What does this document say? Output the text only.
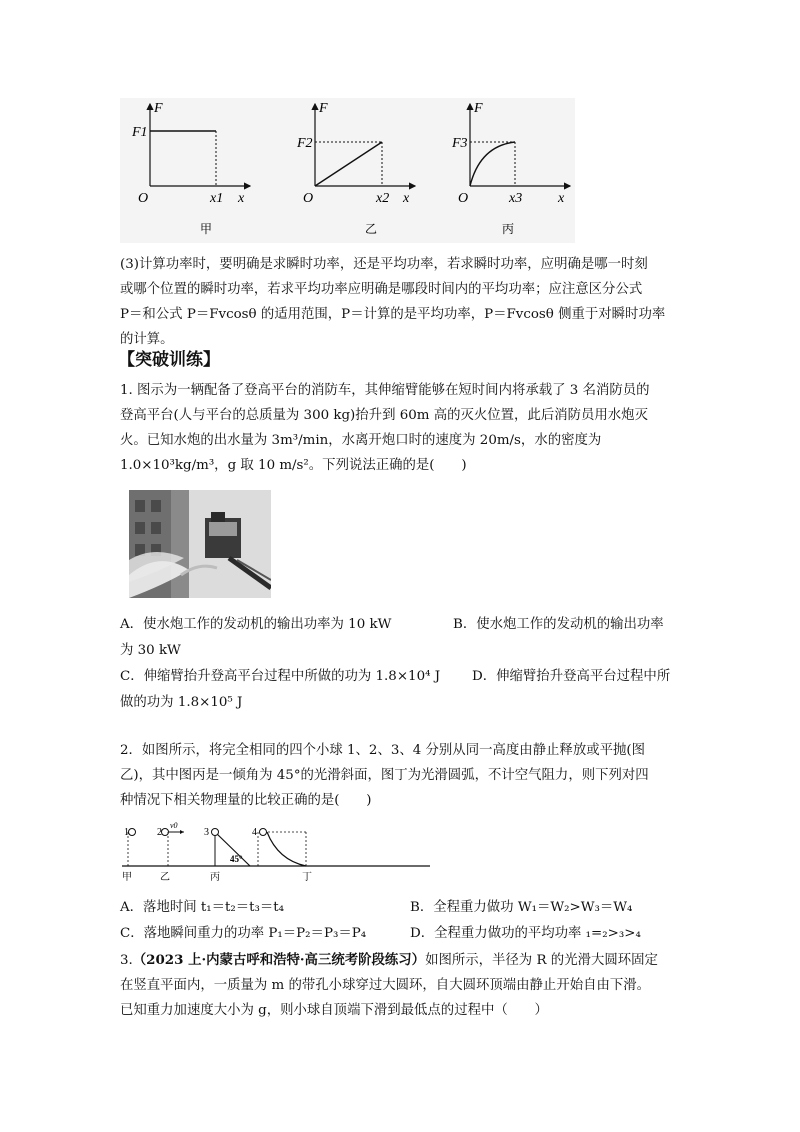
F
x
O
F1
x1
甲
F
x
O
F2
x2
乙
F
x
O
F3
x3
丙
(3)计算功率时，要明确是求瞬时功率，还是平均功率，若求瞬时功率，应明确是哪一时刻
或哪个位置的瞬时功率，若求平均功率应明确是哪段时间内的平均功率；应注意区分公式
P＝和公式 P＝Fvcosθ 的适用范围，P＝计算的是平均功率，P＝Fvcosθ 侧重于对瞬时功率
的计算。
【突破训练】
1. 图示为一辆配备了登高平台的消防车，其伸缩臂能够在短时间内将承载了 3 名消防员的
登高平台(人与平台的总质量为 300 kg)抬升到 60m 高的灭火位置，此后消防员用水炮灭
火。已知水炮的出水量为 3m³/min，水离开炮口时的速度为 20m/s，水的密度为
1.0×10³kg/m³，g 取 10 m/s²。下列说法正确的是(　　)
A．使水炮工作的发动机的输出功率为 10 kW	B．使水炮工作的发动机的输出功率
为 30 kW
C．伸缩臂抬升登高平台过程中所做的功为 1.8×10⁴ J D．伸缩臂抬升登高平台过程中所
做的功为 1.8×10⁵ J
2．如图所示，将完全相同的四个小球 1、2、3、4 分别从同一高度由静止释放或平抛(图
乙)，其中图丙是一倾角为 45°的光滑斜面，图丁为光滑圆弧，不计空气阻力，则下列对四
种情况下相关物理量的比较正确的是(　　)
1	2
v0
3
45°
4
甲	乙	丙	丁
A．落地时间 t₁＝t₂＝t₃＝t₄	B．全程重力做功 W₁＝W₂>W₃＝W₄
C．落地瞬间重力的功率 P₁＝P₂＝P₃＝P₄	D．全程重力做功的平均功率 ₁=₂>₃>₄
3.（2023 上·内蒙古呼和浩特·高三统考阶段练习）如图所示，半径为 R 的光滑大圆环固定
在竖直平面内，一质量为 m 的带孔小球穿过大圆环，自大圆环顶端由静止开始自由下滑。
已知重力加速度大小为 g，则小球自顶端下滑到最低点的过程中（　　）
